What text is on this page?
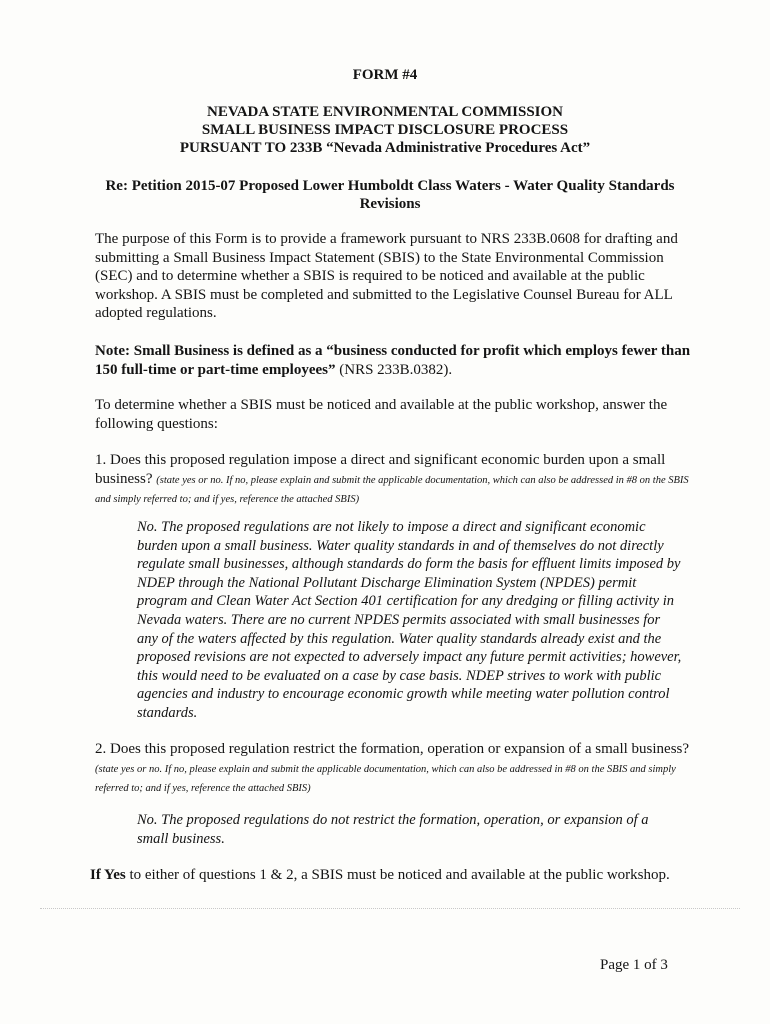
FORM #4

NEVADA STATE ENVIRONMENTAL COMMISSION
SMALL BUSINESS IMPACT DISCLOSURE PROCESS
PURSUANT TO 233B “Nevada Administrative Procedures Act”

Re: Petition 2015-07 Proposed Lower Humboldt Class Waters - Water Quality Standards Revisions

The purpose of this Form is to provide a framework pursuant to NRS 233B.0608 for drafting and submitting a Small Business Impact Statement (SBIS) to the State Environmental Commission (SEC) and to determine whether a SBIS is required to be noticed and available at the public workshop. A SBIS must be completed and submitted to the Legislative Counsel Bureau for ALL adopted regulations.

Note: Small Business is defined as a “business conducted for profit which employs fewer than 150 full-time or part-time employees” (NRS 233B.0382).

To determine whether a SBIS must be noticed and available at the public workshop, answer the following questions:

1. Does this proposed regulation impose a direct and significant economic burden upon a small business? (state yes or no. If no, please explain and submit the applicable documentation, which can also be addressed in #8 on the SBIS and simply referred to; and if yes, reference the attached SBIS)

No. The proposed regulations are not likely to impose a direct and significant economic burden upon a small business. Water quality standards in and of themselves do not directly regulate small businesses, although standards do form the basis for effluent limits imposed by NDEP through the National Pollutant Discharge Elimination System (NPDES) permit program and Clean Water Act Section 401 certification for any dredging or filling activity in Nevada waters. There are no current NPDES permits associated with small businesses for any of the waters affected by this regulation. Water quality standards already exist and the proposed revisions are not expected to adversely impact any future permit activities; however, this would need to be evaluated on a case by case basis. NDEP strives to work with public agencies and industry to encourage economic growth while meeting water pollution control standards.

2. Does this proposed regulation restrict the formation, operation or expansion of a small business? (state yes or no. If no, please explain and submit the applicable documentation, which can also be addressed in #8 on the SBIS and simply referred to; and if yes, reference the attached SBIS)

No. The proposed regulations do not restrict the formation, operation, or expansion of a small business.

If Yes to either of questions 1 & 2, a SBIS must be noticed and available at the public workshop.

Page 1 of 3
